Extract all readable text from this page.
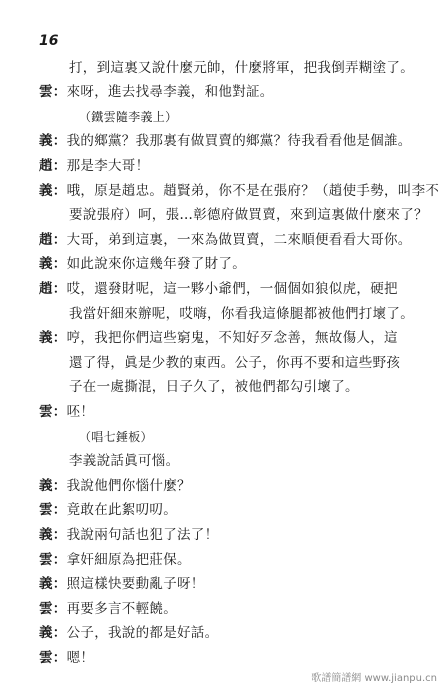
16
打，到這裏又說什麼元帥，什麼將軍，把我倒弄糊塗了。
雲：來呀，進去找尋李義，和他對証。
（鐵雲隨李義上）
義：我的鄉黨？我那裏有做買賣的鄉黨？待我看看他是個誰。
趙：那是李大哥！
義：哦，原是趙忠。趙賢弟，你不是在張府？（趙使手勢，叫李不
要說張府）呵，張…彰德府做買賣，來到這裏做什麼來了？
趙：大哥，弟到這裏，一來為做買賣，二來順便看看大哥你。
義：如此說來你這幾年發了財了。
趙：哎，還發財呢，這一夥小爺們，一個個如狼似虎，硬把
我當奸細來辦呢，哎嗨，你看我這條腿都被他們打壞了。
義：哼，我把你們這些窮鬼，不知好歹念善，無故傷人，這
還了得，眞是少教的東西。公子，你再不要和這些野孩
子在一處撕混，日子久了，被他們都勾引壞了。
雲：呸！
（唱七錘板）
李義說話眞可惱。
義：我說他們你惱什麼？
雲：竟敢在此絮叨叨。
義：我說兩句話也犯了法了！
雲：拿奸細原為把莊保。
義：照這樣快要動亂子呀！
雲：再要多言不輕饒。
義：公子，我說的都是好話。
雲：嗯！
歌譜簡譜網 www.jianpu.cn
